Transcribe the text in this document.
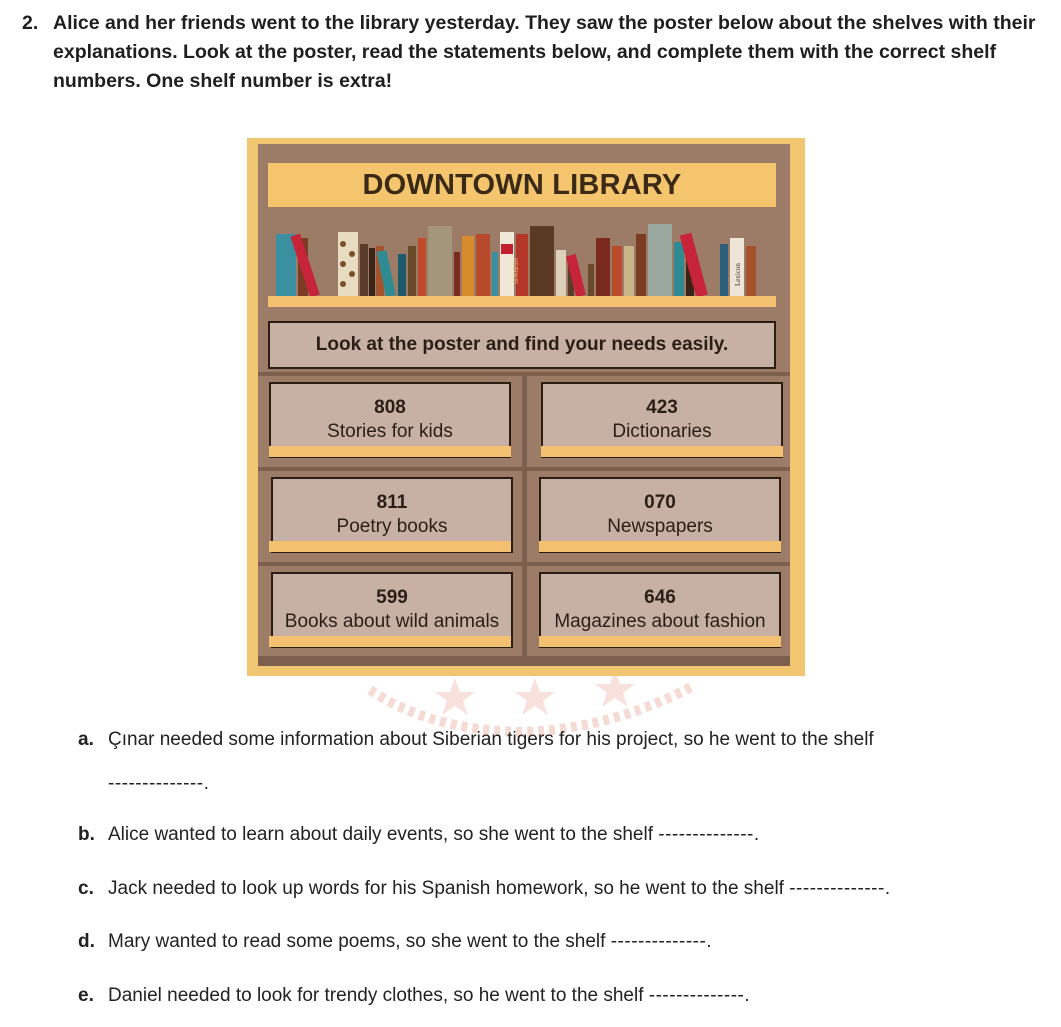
2. Alice and her friends went to the library yesterday. They saw the poster below about the shelves with their explanations. Look at the poster, read the statements below, and complete them with the correct shelf numbers. One shelf number is extra!
DOWNTOWN LIBRARY
SPANISH	Lexicon
Look at the poster and find your needs easily.
808
Stories for kids
423
Dictionaries
811
Poetry books
070
Newspapers
599
Books about wild animals
646
Magazines about fashion
a. Çınar needed some information about Siberian tigers for his project, so he went to the shelf
--------------.
b. Alice wanted to learn about daily events, so she went to the shelf --------------.
c. Jack needed to look up words for his Spanish homework, so he went to the shelf --------------.
d. Mary wanted to read some poems, so she went to the shelf --------------.
e. Daniel needed to look for trendy clothes, so he went to the shelf --------------.
